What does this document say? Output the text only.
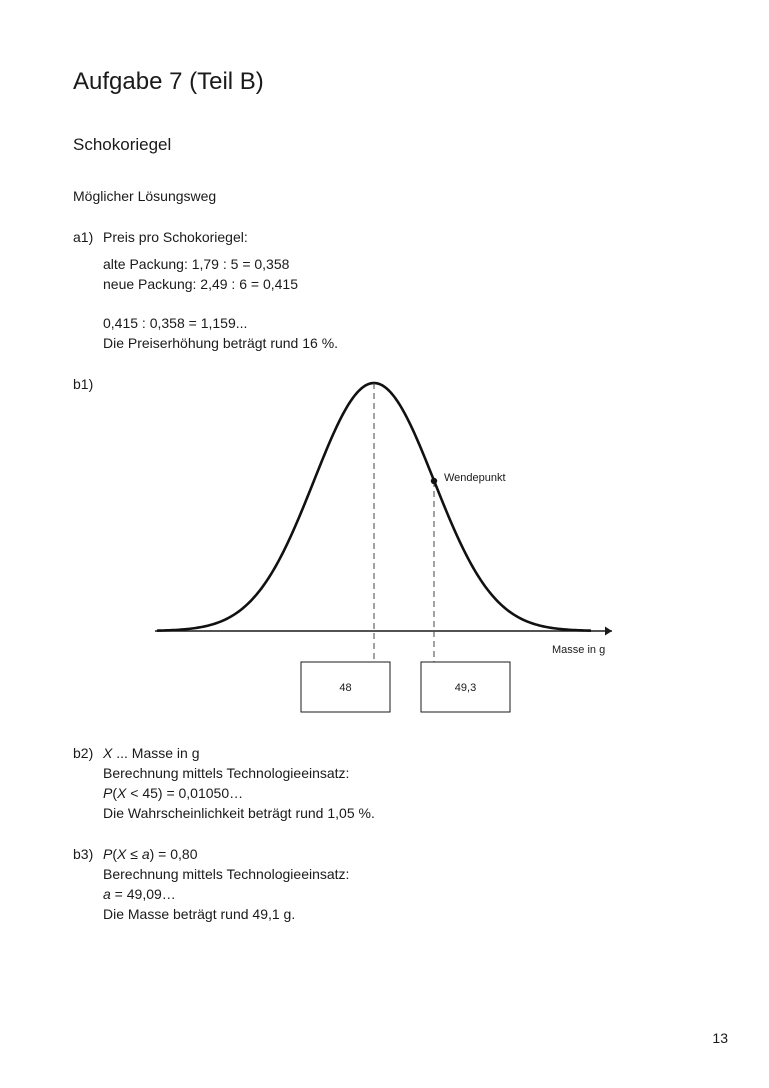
Aufgabe 7 (Teil B)
Schokoriegel
Möglicher Lösungsweg
a1) Preis pro Schokoriegel:
alte Packung: 1,79 : 5 = 0,358
neue Packung: 2,49 : 6 = 0,415
0,415 : 0,358 = 1,159...
Die Preiserhöhung beträgt rund 16 %.
b1)
Wendepunkt
Masse in g
48	49,3
b2) X ... Masse in g
Berechnung mittels Technologieeinsatz:
P(X < 45) = 0,01050…
Die Wahrscheinlichkeit beträgt rund 1,05 %.
b3) P(X ≤ a) = 0,80
Berechnung mittels Technologieeinsatz:
a = 49,09…
Die Masse beträgt rund 49,1 g.
13
